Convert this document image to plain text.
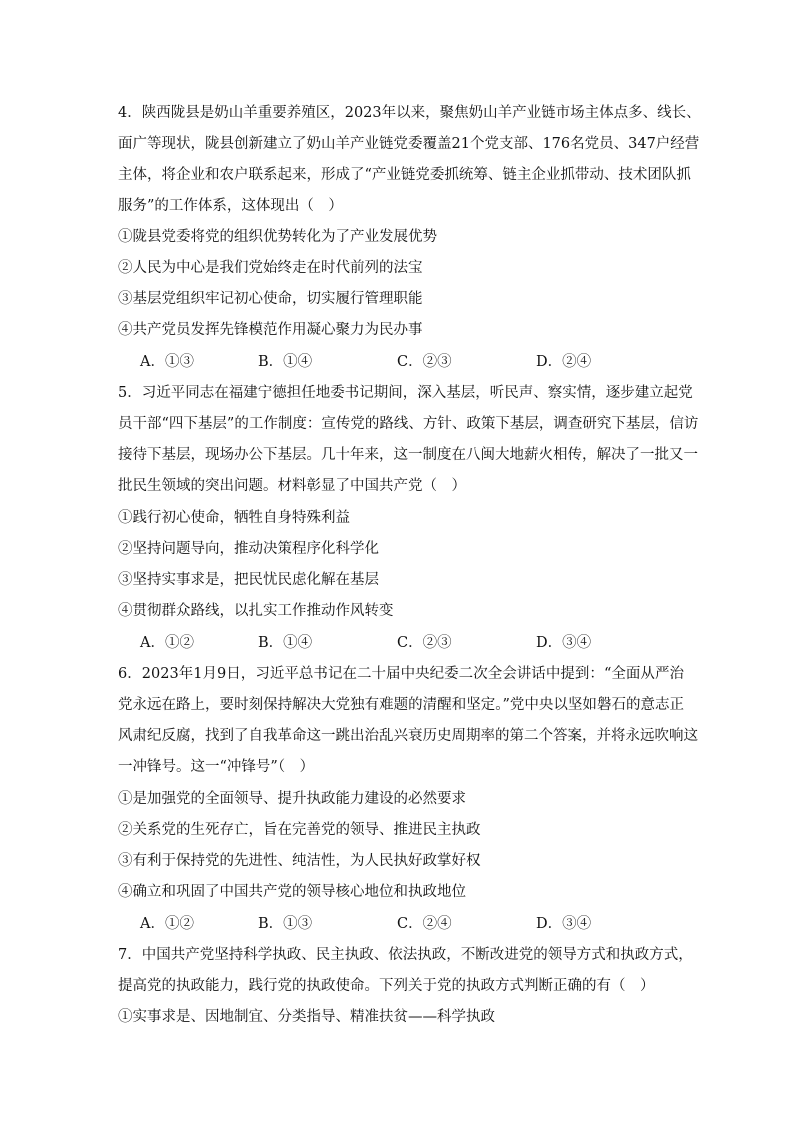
4．陕西陇县是奶山羊重要养殖区，2023年以来，聚焦奶山羊产业链市场主体点多、线长、
面广等现状，陇县创新建立了奶山羊产业链党委覆盖21个党支部、176名党员、347户经营
主体，将企业和农户联系起来，形成了“产业链党委抓统筹、链主企业抓带动、技术团队抓
服务”的工作体系，这体现出（　）
①陇县党委将党的组织优势转化为了产业发展优势
②人民为中心是我们党始终走在时代前列的法宝
③基层党组织牢记初心使命，切实履行管理职能
④共产党员发挥先锋模范作用凝心聚力为民办事
A．①③	B．①④	C．②③	D．②④
5．习近平同志在福建宁德担任地委书记期间，深入基层，听民声、察实情，逐步建立起党
员干部“四下基层”的工作制度：宣传党的路线、方针、政策下基层，调查研究下基层，信访
接待下基层，现场办公下基层。几十年来，这一制度在八闽大地薪火相传，解决了一批又一
批民生领域的突出问题。材料彰显了中国共产党（　）
①践行初心使命，牺牲自身特殊利益
②坚持问题导向，推动决策程序化科学化
③坚持实事求是，把民忧民虑化解在基层
④贯彻群众路线，以扎实工作推动作风转变
A．①②	B．①④	C．②③	D．③④
6．2023年1月9日，习近平总书记在二十届中央纪委二次全会讲话中提到：“全面从严治
党永远在路上，要时刻保持解决大党独有难题的清醒和坚定。”党中央以坚如磐石的意志正
风肃纪反腐，找到了自我革命这一跳出治乱兴衰历史周期率的第二个答案，并将永远吹响这
一冲锋号。这一“冲锋号”（　）
①是加强党的全面领导、提升执政能力建设的必然要求
②关系党的生死存亡，旨在完善党的领导、推进民主执政
③有利于保持党的先进性、纯洁性，为人民执好政掌好权
④确立和巩固了中国共产党的领导核心地位和执政地位
A．①②	B．①③	C．②④	D．③④
7．中国共产党坚持科学执政、民主执政、依法执政，不断改进党的领导方式和执政方式，
提高党的执政能力，践行党的执政使命。下列关于党的执政方式判断正确的有（　）
①实事求是、因地制宜、分类指导、精准扶贫——科学执政
